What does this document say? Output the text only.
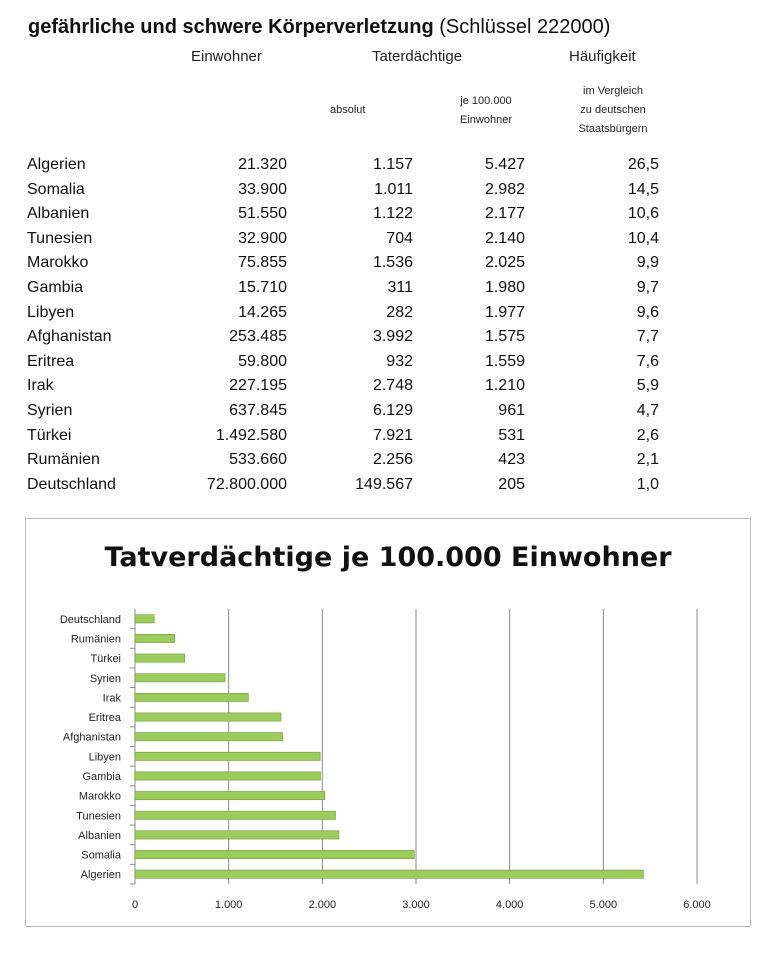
gefährliche und schwere Körperverletzung (Schlüssel 222000)
Einwohner	Taterdächtige	Häufigkeit
absolut
je 100.000
Einwohner
im Vergleich
zu deutschen
Staatsbürgern
Algerien	21.320	1.157	5.427	26,5
Somalia	33.900	1.011	2.982	14,5
Albanien	51.550	1.122	2.177	10,6
Tunesien	32.900	704	2.140	10,4
Marokko	75.855	1.536	2.025	9,9
Gambia	15.710	311	1.980	9,7
Libyen	14.265	282	1.977	9,6
Afghanistan	253.485	3.992	1.575	7,7
Eritrea	59.800	932	1.559	7,6
Irak	227.195	2.748	1.210	5,9
Syrien	637.845	6.129	961	4,7
Türkei	1.492.580	7.921	531	2,6
Rumänien	533.660	2.256	423	2,1
Deutschland	72.800.000	149.567	205	1,0
Tatverdächtige je 100.000 Einwohner
0	1.000	2.000	3.000	4.000	5.000	6.000
Algerien
Somalia
Albanien
Tunesien
Marokko
Gambia
Libyen
Afghanistan
Eritrea
Irak
Syrien
Türkei
Rumänien
Deutschland
